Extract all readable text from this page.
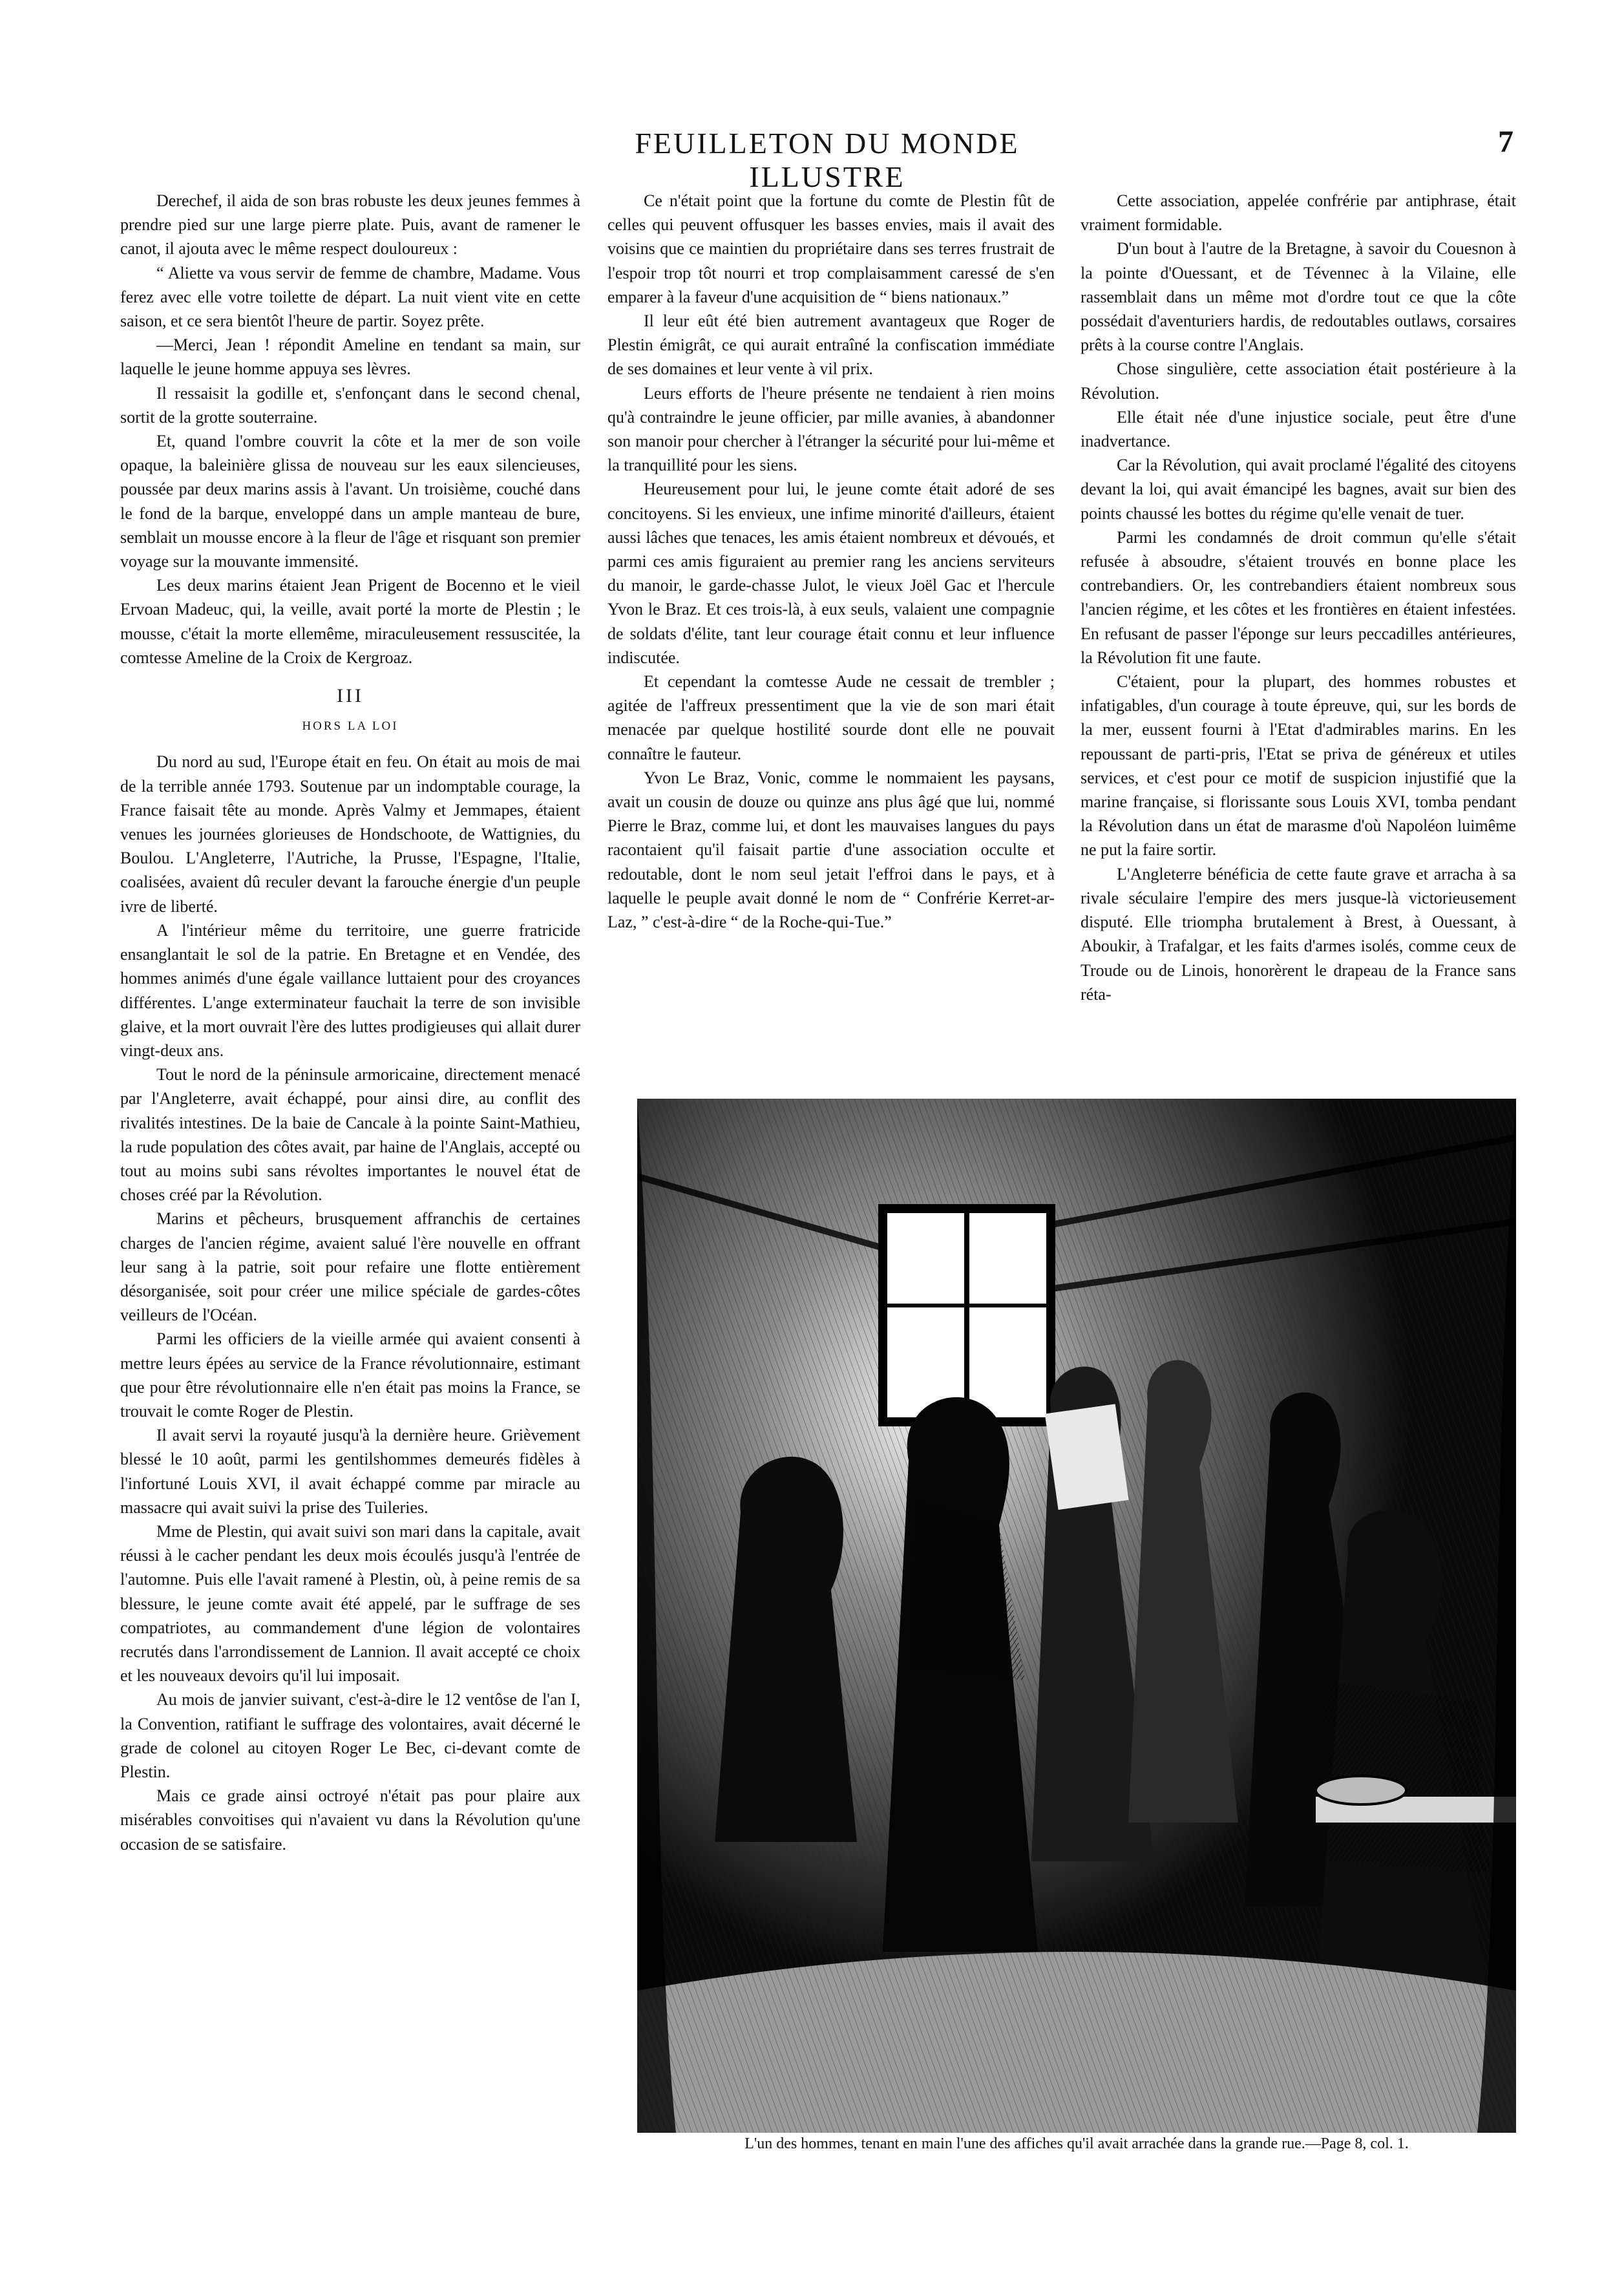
FEUILLETON DU MONDE ILLUSTRE
7

Derechef, il aida de son bras robuste les deux jeunes femmes à prendre pied sur une large pierre plate. Puis, avant de ramener le canot, il ajouta avec le même respect douloureux :

“ Aliette va vous servir de femme de chambre, Madame. Vous ferez avec elle votre toilette de départ. La nuit vient vite en cette saison, et ce sera bientôt l'heure de partir. Soyez prête.

—Merci, Jean ! répondit Ameline en tendant sa main, sur laquelle le jeune homme appuya ses lèvres.

Il ressaisit la godille et, s'enfonçant dans le second chenal, sortit de la grotte souterraine.

Et, quand l'ombre couvrit la côte et la mer de son voile opaque, la baleinière glissa de nouveau sur les eaux silencieuses, poussée par deux marins assis à l'avant. Un troisième, couché dans le fond de la barque, enveloppé dans un ample manteau de bure, semblait un mousse encore à la fleur de l'âge et risquant son premier voyage sur la mouvante immensité.

Les deux marins étaient Jean Prigent de Bocenno et le vieil Ervoan Madeuc, qui, la veille, avait porté la morte de Plestin ; le mousse, c'était la morte ellemême, miraculeusement ressuscitée, la comtesse Ameline de la Croix de Kergroaz.

III

HORS LA LOI

Du nord au sud, l'Europe était en feu. On était au mois de mai de la terrible année 1793. Soutenue par un indomptable courage, la France faisait tête au monde. Après Valmy et Jemmapes, étaient venues les journées glorieuses de Hondschoote, de Wattignies, du Boulou. L'Angleterre, l'Autriche, la Prusse, l'Espagne, l'Italie, coalisées, avaient dû reculer devant la farouche énergie d'un peuple ivre de liberté.

A l'intérieur même du territoire, une guerre fratricide ensanglantait le sol de la patrie. En Bretagne et en Vendée, des hommes animés d'une égale vaillance luttaient pour des croyances différentes. L'ange exterminateur fauchait la terre de son invisible glaive, et la mort ouvrait l'ère des luttes prodigieuses qui allait durer vingt-deux ans.

Tout le nord de la péninsule armoricaine, directement menacé par l'Angleterre, avait échappé, pour ainsi dire, au conflit des rivalités intestines. De la baie de Cancale à la pointe Saint-Mathieu, la rude population des côtes avait, par haine de l'Anglais, accepté ou tout au moins subi sans révoltes importantes le nouvel état de choses créé par la Révolution.

Marins et pêcheurs, brusquement affranchis de certaines charges de l'ancien régime, avaient salué l'ère nouvelle en offrant leur sang à la patrie, soit pour refaire une flotte entièrement désorganisée, soit pour créer une milice spéciale de gardes-côtes veilleurs de l'Océan.

Parmi les officiers de la vieille armée qui avaient consenti à mettre leurs épées au service de la France révolutionnaire, estimant que pour être révolutionnaire elle n'en était pas moins la France, se trouvait le comte Roger de Plestin.

Il avait servi la royauté jusqu'à la dernière heure. Grièvement blessé le 10 août, parmi les gentilshommes demeurés fidèles à l'infortuné Louis XVI, il avait échappé comme par miracle au massacre qui avait suivi la prise des Tuileries.

Mme de Plestin, qui avait suivi son mari dans la capitale, avait réussi à le cacher pendant les deux mois écoulés jusqu'à l'entrée de l'automne. Puis elle l'avait ramené à Plestin, où, à peine remis de sa blessure, le jeune comte avait été appelé, par le suffrage de ses compatriotes, au commandement d'une légion de volontaires recrutés dans l'arrondissement de Lannion. Il avait accepté ce choix et les nouveaux devoirs qu'il lui imposait.

Au mois de janvier suivant, c'est-à-dire le 12 ventôse de l'an I, la Convention, ratifiant le suffrage des volontaires, avait décerné le grade de colonel au citoyen Roger Le Bec, ci-devant comte de Plestin.

Mais ce grade ainsi octroyé n'était pas pour plaire aux misérables convoitises qui n'avaient vu dans la Révolution qu'une occasion de se satisfaire.

Ce n'était point que la fortune du comte de Plestin fût de celles qui peuvent offusquer les basses envies, mais il avait des voisins que ce maintien du propriétaire dans ses terres frustrait de l'espoir trop tôt nourri et trop complaisamment caressé de s'en emparer à la faveur d'une acquisition de “ biens nationaux.”

Il leur eût été bien autrement avantageux que Roger de Plestin émigrât, ce qui aurait entraîné la confiscation immédiate de ses domaines et leur vente à vil prix.

Leurs efforts de l'heure présente ne tendaient à rien moins qu'à contraindre le jeune officier, par mille avanies, à abandonner son manoir pour chercher à l'étranger la sécurité pour lui-même et la tranquillité pour les siens.

Heureusement pour lui, le jeune comte était adoré de ses concitoyens. Si les envieux, une infime minorité d'ailleurs, étaient aussi lâches que tenaces, les amis étaient nombreux et dévoués, et parmi ces amis figuraient au premier rang les anciens serviteurs du manoir, le garde-chasse Julot, le vieux Joël Gac et l'hercule Yvon le Braz. Et ces trois-là, à eux seuls, valaient une compagnie de soldats d'élite, tant leur courage était connu et leur influence indiscutée.

Et cependant la comtesse Aude ne cessait de trembler ; agitée de l'affreux pressentiment que la vie de son mari était menacée par quelque hostilité sourde dont elle ne pouvait connaître le fauteur.

Yvon Le Braz, Vonic, comme le nommaient les paysans, avait un cousin de douze ou quinze ans plus âgé que lui, nommé Pierre le Braz, comme lui, et dont les mauvaises langues du pays racontaient qu'il faisait partie d'une association occulte et redoutable, dont le nom seul jetait l'effroi dans le pays, et à laquelle le peuple avait donné le nom de “ Confrérie Kerret-ar-Laz, ” c'est-à-dire “ de la Roche-qui-Tue.”

Cette association, appelée confrérie par antiphrase, était vraiment formidable.

D'un bout à l'autre de la Bretagne, à savoir du Couesnon à la pointe d'Ouessant, et de Tévennec à la Vilaine, elle rassemblait dans un même mot d'ordre tout ce que la côte possédait d'aventuriers hardis, de redoutables outlaws, corsaires prêts à la course contre l'Anglais.

Chose singulière, cette association était postérieure à la Révolution.

Elle était née d'une injustice sociale, peut être d'une inadvertance.

Car la Révolution, qui avait proclamé l'égalité des citoyens devant la loi, qui avait émancipé les bagnes, avait sur bien des points chaussé les bottes du régime qu'elle venait de tuer.

Parmi les condamnés de droit commun qu'elle s'était refusée à absoudre, s'étaient trouvés en bonne place les contrebandiers. Or, les contrebandiers étaient nombreux sous l'ancien régime, et les côtes et les frontières en étaient infestées. En refusant de passer l'éponge sur leurs peccadilles antérieures, la Révolution fit une faute.

C'étaient, pour la plupart, des hommes robustes et infatigables, d'un courage à toute épreuve, qui, sur les bords de la mer, eussent fourni à l'Etat d'admirables marins. En les repoussant de parti-pris, l'Etat se priva de généreux et utiles services, et c'est pour ce motif de suspicion injustifié que la marine française, si florissante sous Louis XVI, tomba pendant la Révolution dans un état de marasme d'où Napoléon luimême ne put la faire sortir.

L'Angleterre bénéficia de cette faute grave et arracha à sa rivale séculaire l'empire des mers jusque-là victorieusement disputé. Elle triompha brutalement à Brest, à Ouessant, à Aboukir, à Trafalgar, et les faits d'armes isolés, comme ceux de Troude ou de Linois, honorèrent le drapeau de la France sans réta-

L'un des hommes, tenant en main l'une des affiches qu'il avait arrachée dans la grande rue.—Page 8, col. 1.
